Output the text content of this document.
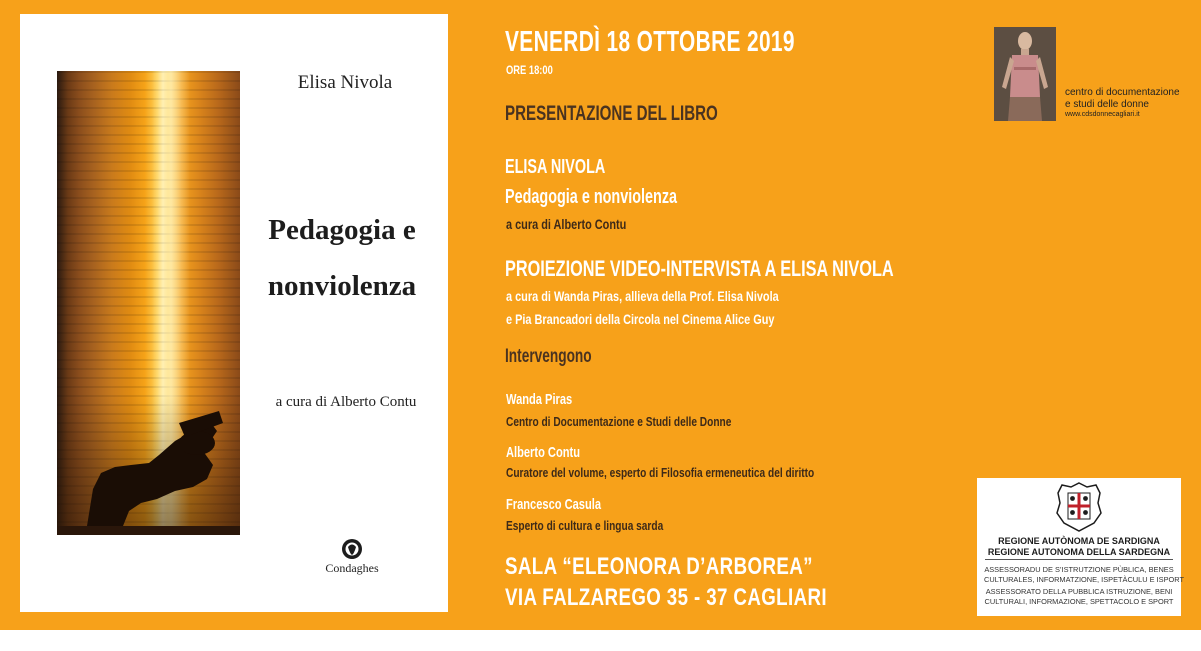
Elisa Nivola
Pedagogia e
nonviolenza
a cura di Alberto Contu
Condaghes
VENERDÌ 18 OTTOBRE 2019
ORE 18:00
PRESENTAZIONE DEL LIBRO
ELISA NIVOLA
Pedagogia e nonviolenza
a cura di Alberto Contu
PROIEZIONE VIDEO-INTERVISTA A ELISA NIVOLA
a cura di Wanda Piras, allieva della Prof. Elisa Nivola
e Pia Brancadori della Circola nel Cinema Alice Guy
Intervengono
Wanda Piras
Centro di Documentazione e Studi delle Donne
Alberto Contu
Curatore del volume, esperto di Filosofia ermeneutica del diritto
Francesco Casula
Esperto di cultura e lingua sarda
SALA “ELEONORA D’ARBOREA”
VIA FALZAREGO 35 - 37 CAGLIARI
centro di documentazione
e studi delle donne
www.cdsdonnecagliari.it
REGIONE AUTÒNOMA DE SARDIGNA
REGIONE AUTONOMA DELLA SARDEGNA
ASSESSORADU DE S’ISTRUTZIONE PÙBLICA, BENES
CULTURALES, INFORMATZIONE, ISPETÀCULU E ISPORT
ASSESSORATO DELLA PUBBLICA ISTRUZIONE, BENI
CULTURALI, INFORMAZIONE, SPETTACOLO E SPORT
